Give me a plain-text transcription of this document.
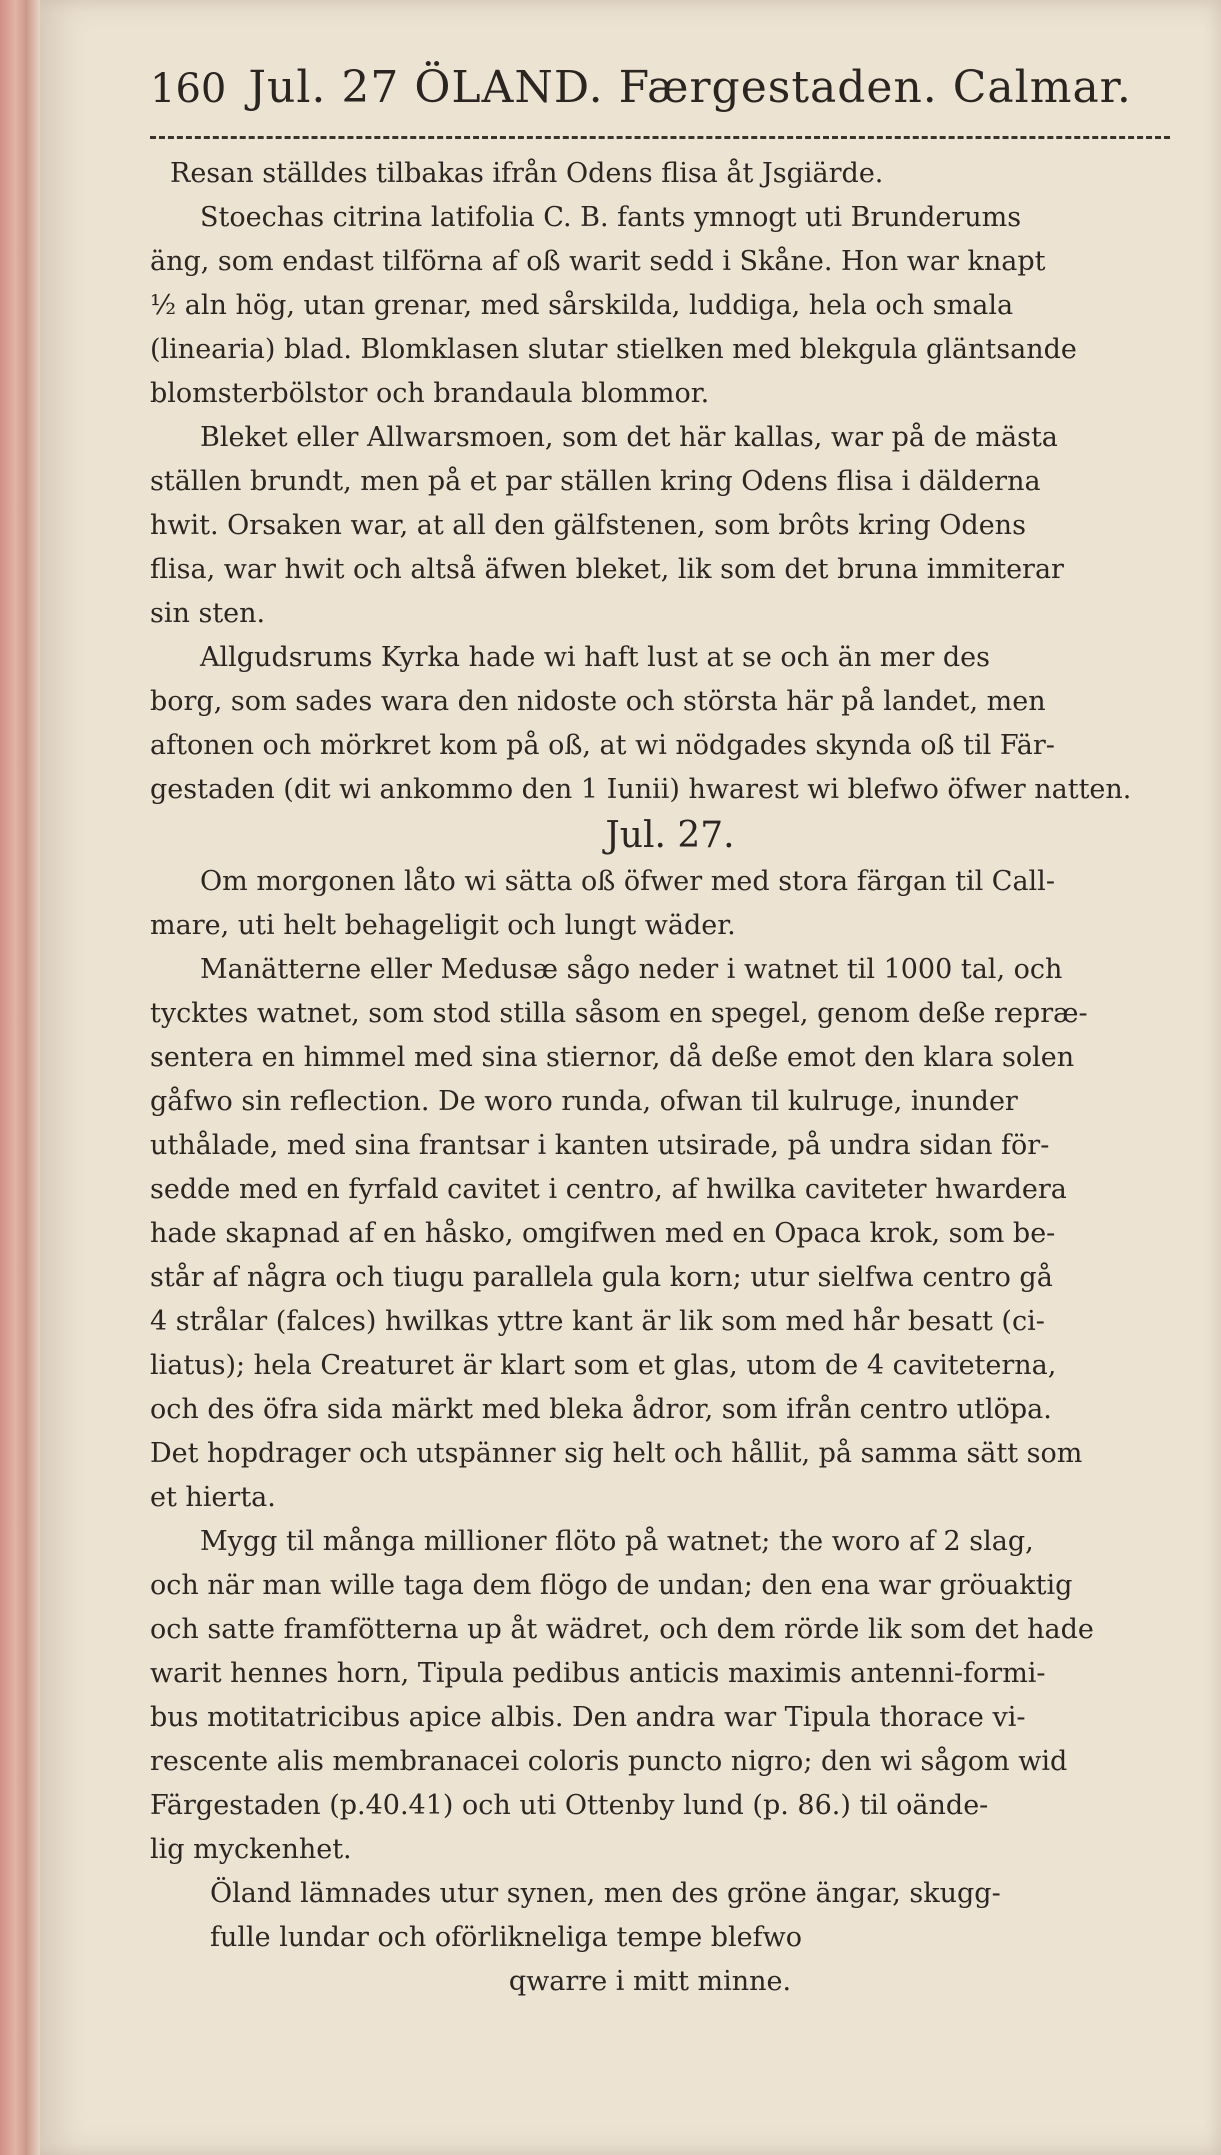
160 Jul. 27 ÖLAND. Færgestaden. Calmar.
Resan ställdes tilbakas ifrån Odens flisa åt Jsgiärde.
Stoechas citrina latifolia C. B. fants ymnogt uti Brunderums
äng, som endast tilförna af oß warit sedd i Skåne. Hon war knapt
½ aln hög, utan grenar, med sårskilda, luddiga, hela och smala
(linearia) blad. Blomklasen slutar stielken med blekgula gläntsande
blomsterbölstor och brandaula blommor.
Bleket eller Allwarsmoen, som det här kallas, war på de mästa
ställen brundt, men på et par ställen kring Odens flisa i dälderna
hwit. Orsaken war, at all den gälfstenen, som brôts kring Odens
flisa, war hwit och altså äfwen bleket, lik som det bruna immiterar
sin sten.
Allgudsrums Kyrka hade wi haft lust at se och än mer des
borg, som sades wara den nidoste och största här på landet, men
aftonen och mörkret kom på oß, at wi nödgades skynda oß til Fär-
gestaden (dit wi ankommo den 1 Iunii) hwarest wi blefwo öfwer natten.
Jul. 27.
Om morgonen låto wi sätta oß öfwer med stora färgan til Call-
mare, uti helt behageligit och lungt wäder.
Manätterne eller Medusæ sågo neder i watnet til 1000 tal, och
tycktes watnet, som stod stilla såsom en spegel, genom deße repræ-
sentera en himmel med sina stiernor, då deße emot den klara solen
gåfwo sin reflection. De woro runda, ofwan til kulruge, inunder
uthålade, med sina frantsar i kanten utsirade, på undra sidan för-
sedde med en fyrfald cavitet i centro, af hwilka caviteter hwardera
hade skapnad af en håsko, omgifwen med en Opaca krok, som be-
står af några och tiugu parallela gula korn; utur sielfwa centro gå
4 strålar (falces) hwilkas yttre kant är lik som med hår besatt (ci-
liatus); hela Creaturet är klart som et glas, utom de 4 caviteterna,
och des öfra sida märkt med bleka ådror, som ifrån centro utlöpa.
Det hopdrager och utspänner sig helt och hållit, på samma sätt som
et hierta.
Mygg til många millioner flöto på watnet; the woro af 2 slag,
och när man wille taga dem flögo de undan; den ena war gröuaktig
och satte framfötterna up åt wädret, och dem rörde lik som det hade
warit hennes horn, Tipula pedibus anticis maximis antenni-formi-
bus motitatricibus apice albis. Den andra war Tipula thorace vi-
rescente alis membranacei coloris puncto nigro; den wi sågom wid
Färgestaden (p.40.41) och uti Ottenby lund (p. 86.) til oände-
lig myckenhet.
Öland lämnades utur synen, men des gröne ängar, skugg-
fulle lundar och oförlikneliga tempe blefwo
qwarre i mitt minne.
